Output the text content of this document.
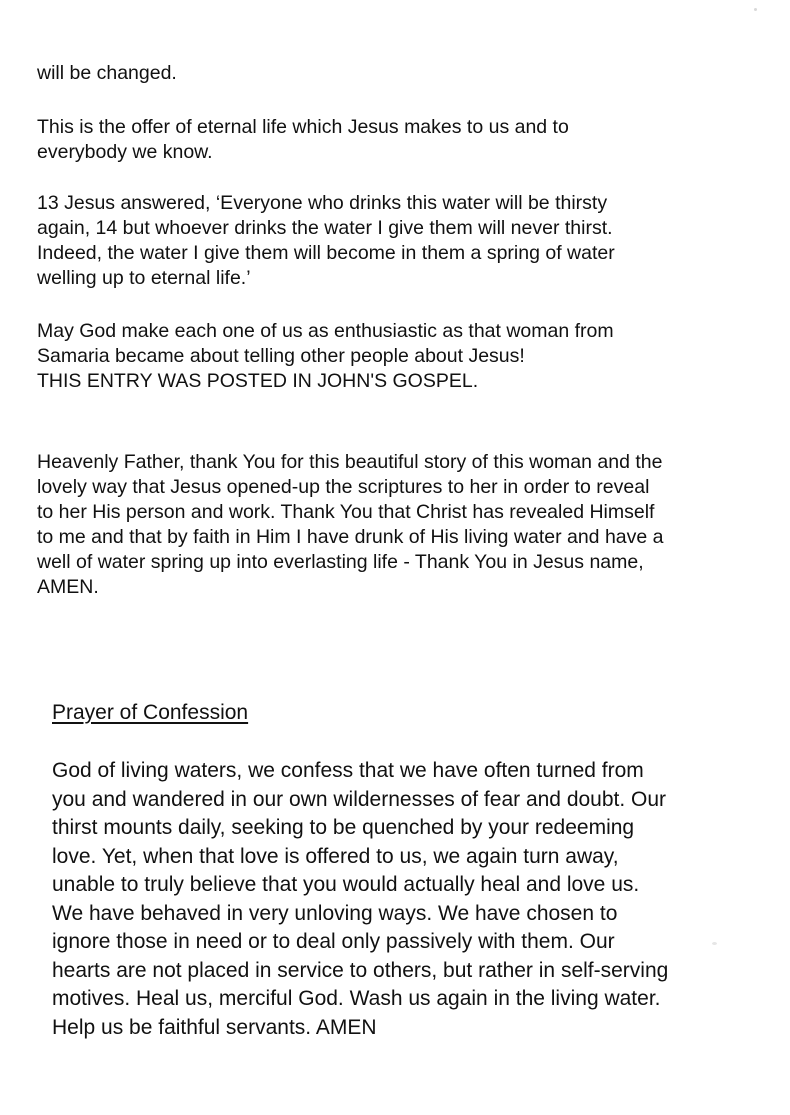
will be changed.

This is the offer of eternal life which Jesus makes to us and to
everybody we know.

13 Jesus answered, ‘Everyone who drinks this water will be thirsty
again, 14 but whoever drinks the water I give them will never thirst.
Indeed, the water I give them will become in them a spring of water
welling up to eternal life.’

May God make each one of us as enthusiastic as that woman from
Samaria became about telling other people about Jesus!
THIS ENTRY WAS POSTED IN JOHN'S GOSPEL.

Heavenly Father, thank You for this beautiful story of this woman and the
lovely way that Jesus opened-up the scriptures to her in order to reveal
to her His person and work. Thank You that Christ has revealed Himself
to me and that by faith in Him I have drunk of His living water and have a
well of water spring up into everlasting life - Thank You in Jesus name,
AMEN.

Prayer of Confession

God of living waters, we confess that we have often turned from
you and wandered in our own wildernesses of fear and doubt. Our
thirst mounts daily, seeking to be quenched by your redeeming
love. Yet, when that love is offered to us, we again turn away,
unable to truly believe that you would actually heal and love us.
We have behaved in very unloving ways. We have chosen to
ignore those in need or to deal only passively with them. Our
hearts are not placed in service to others, but rather in self-serving
motives. Heal us, merciful God. Wash us again in the living water.
Help us be faithful servants. AMEN
